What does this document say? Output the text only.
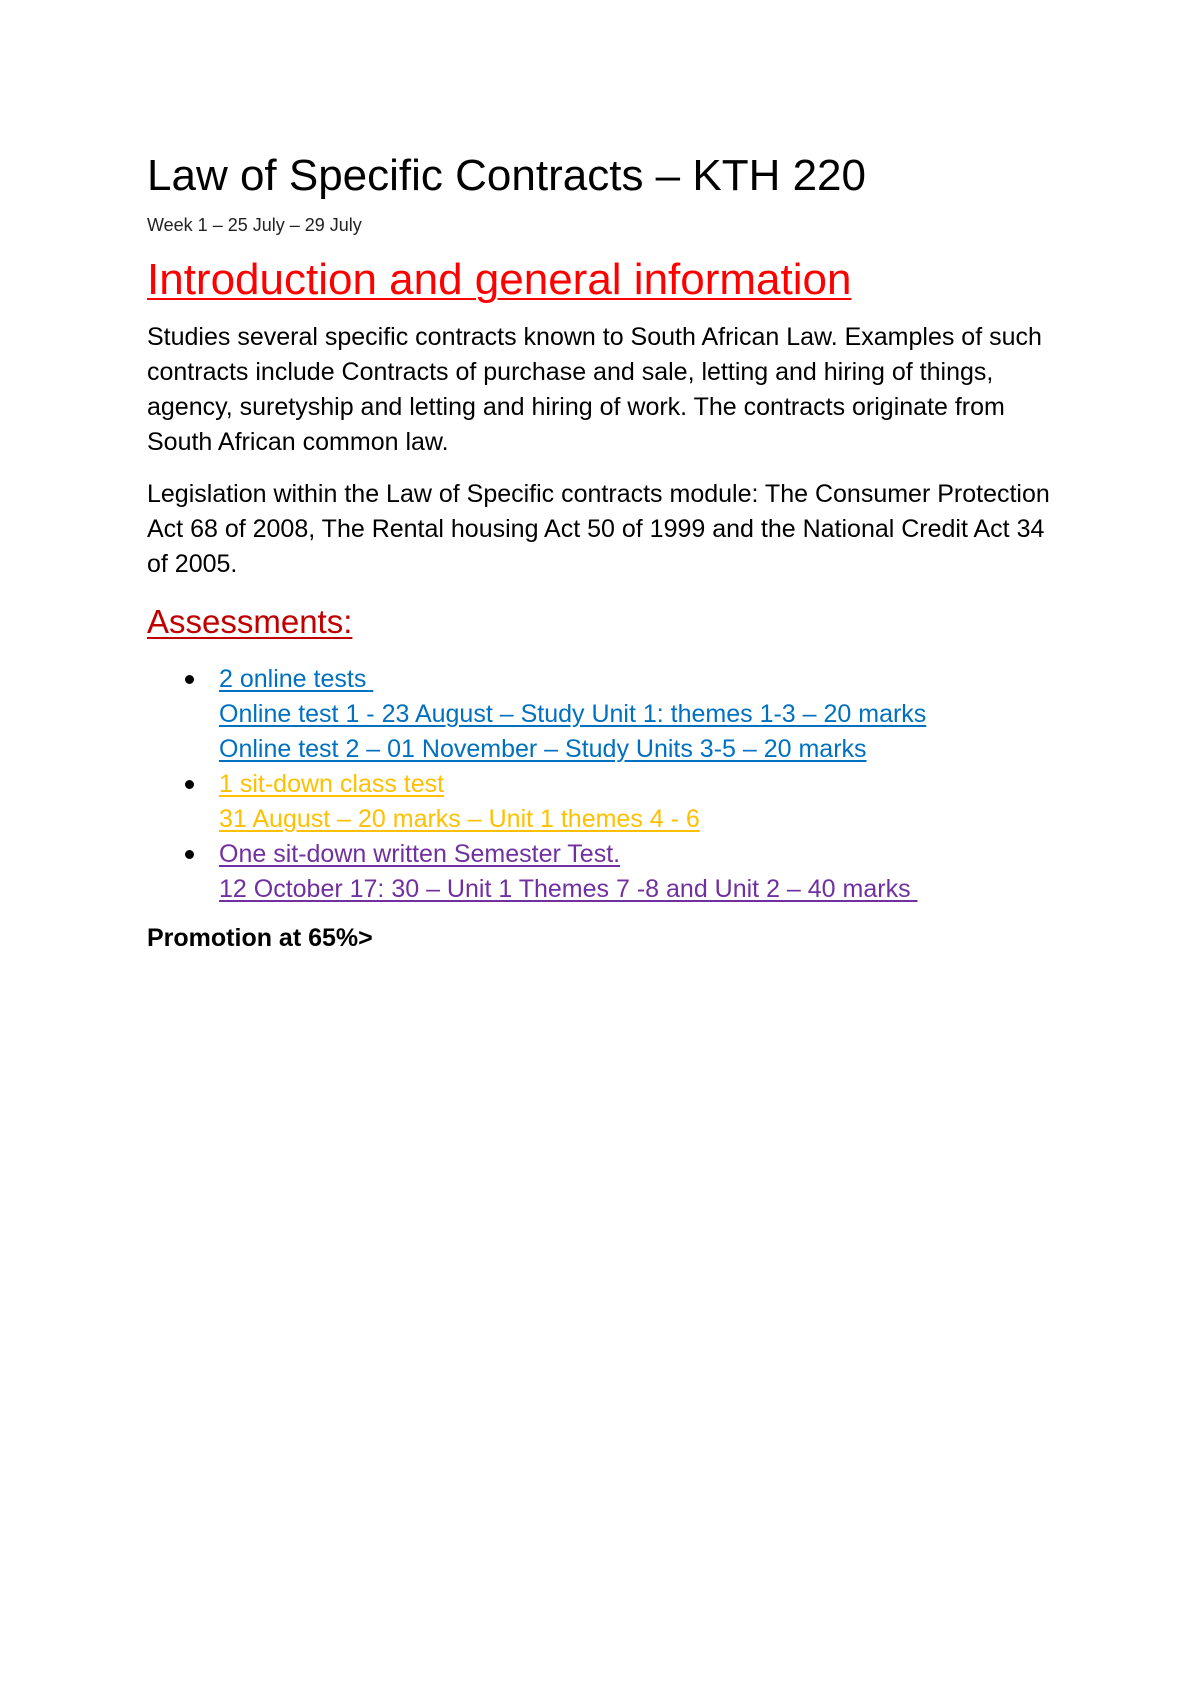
Law of Specific Contracts – KTH 220

Week 1 – 25 July – 29 July

Introduction and general information

Studies several specific contracts known to South African Law. Examples of such contracts include Contracts of purchase and sale, letting and hiring of things, agency, suretyship and letting and hiring of work. The contracts originate from South African common law.

Legislation within the Law of Specific contracts module: The Consumer Protection Act 68 of 2008, The Rental housing Act 50 of 1999 and the National Credit Act 34 of 2005.

Assessments:
2 online tests
Online test 1 - 23 August – Study Unit 1: themes 1-3 – 20 marks
Online test 2 – 01 November – Study Units 3-5 – 20 marks
1 sit-down class test
31 August – 20 marks – Unit 1 themes 4 - 6
One sit-down written Semester Test.
12 October 17: 30 – Unit 1 Themes 7 -8 and Unit 2 – 40 marks

Promotion at 65%>
